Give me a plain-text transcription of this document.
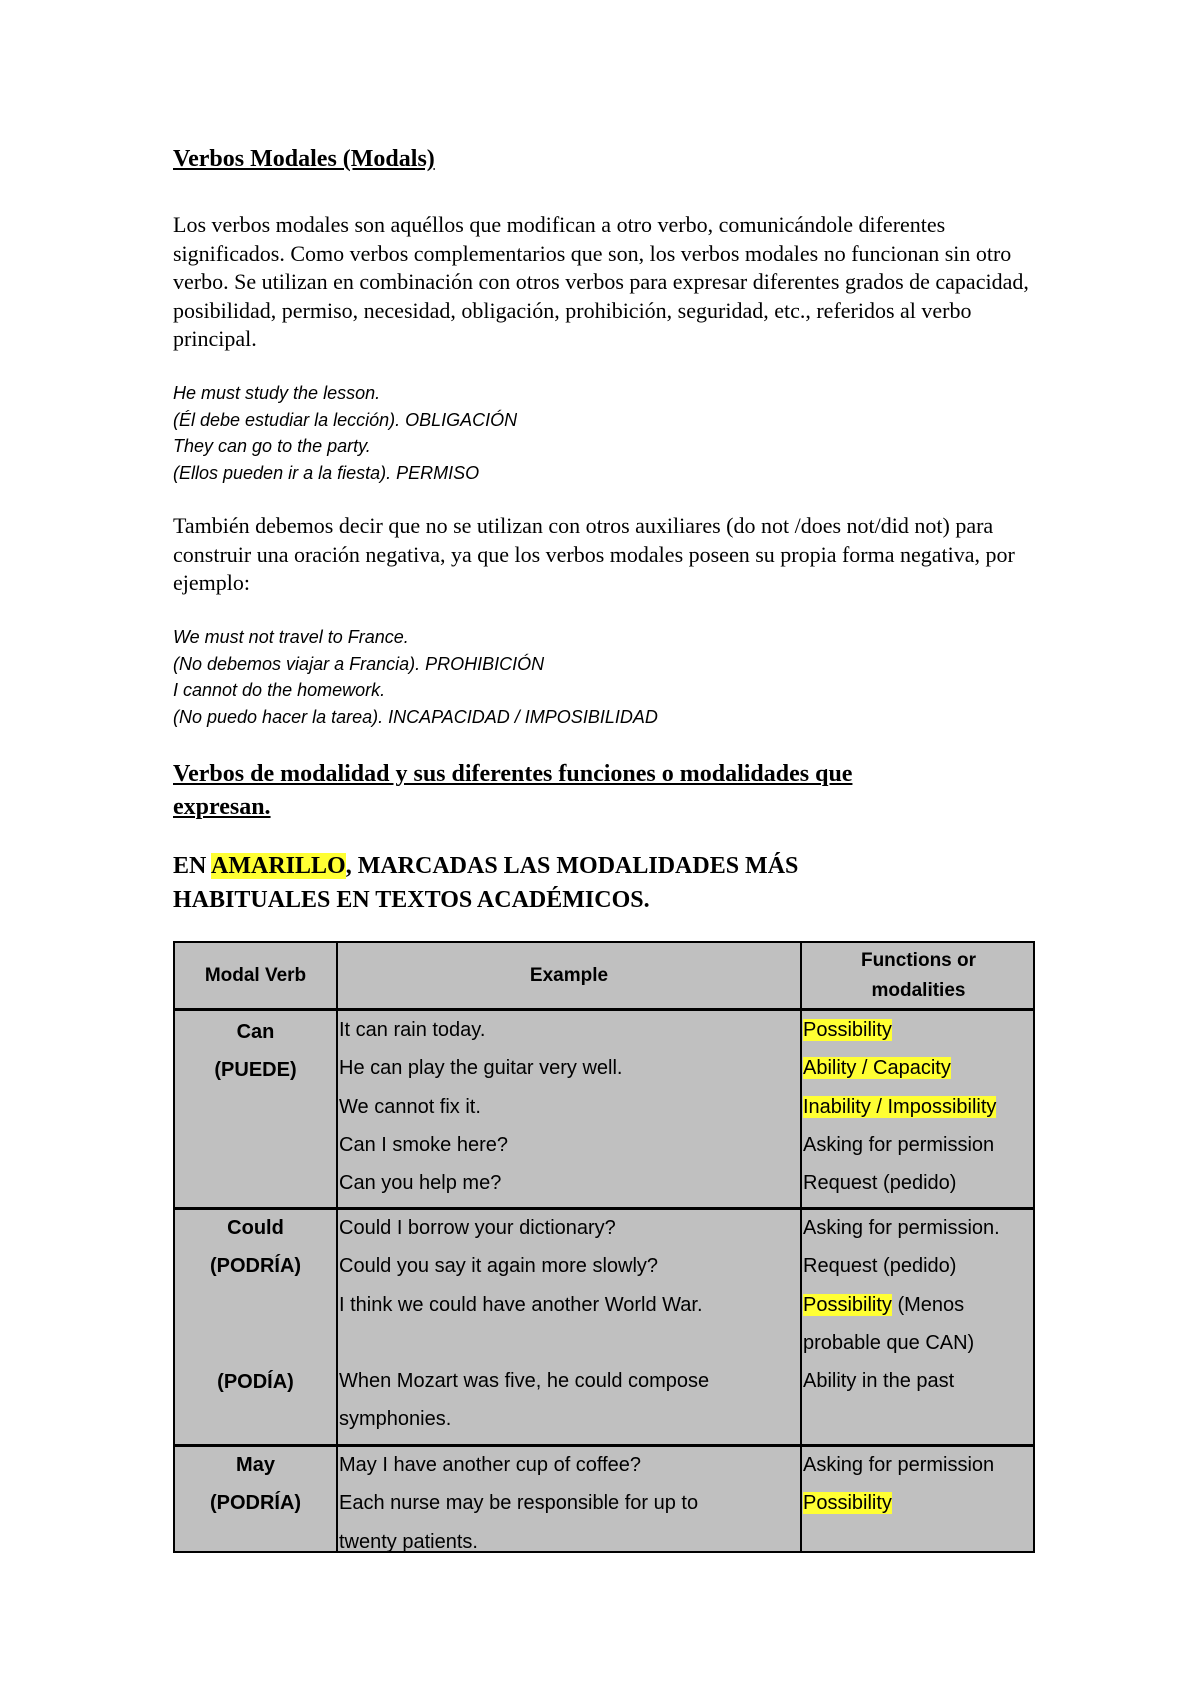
Verbos Modales (Modals)

Los verbos modales son aquéllos que modifican a otro verbo, comunicándole diferentes significados. Como verbos complementarios que son, los verbos modales no funcionan sin otro verbo. Se utilizan en combinación con otros verbos para expresar diferentes grados de capacidad, posibilidad, permiso, necesidad, obligación, prohibición, seguridad, etc., referidos al verbo principal.

He must study the lesson.
(Él debe estudiar la lección). OBLIGACIÓN
They can go to the party.
(Ellos pueden ir a la fiesta). PERMISO

También debemos decir que no se utilizan con otros auxiliares (do not /does not/did not) para construir una oración negativa, ya que los verbos modales poseen su propia forma negativa, por ejemplo:

We must not travel to France.
(No debemos viajar a Francia). PROHIBICIÓN
I cannot do the homework.
(No puedo hacer la tarea). INCAPACIDAD / IMPOSIBILIDAD
Verbos de modalidad y sus diferentes funciones o modalidades que
expresan.
EN AMARILLO, MARCADAS LAS MODALIDADES MÁS
HABITUALES EN TEXTOS ACADÉMICOS.
Modal Verb	Example
Functions or
modalities
Can
(PUEDE)
It can rain today.
He can play the guitar very well.
We cannot fix it.
Can I smoke here?
Can you help me?
Possibility
Ability / Capacity
Inability / Impossibility
Asking for permission
Request (pedido)
Could
(PODRÍA)
(PODÍA)
Could I borrow your dictionary?
Could you say it again more slowly?
I think we could have another World War.
When Mozart was five, he could compose
symphonies.
Asking for permission.
Request (pedido)
Possibility (Menos
probable que CAN)
Ability in the past
May
(PODRÍA)
May I have another cup of coffee?
Each nurse may be responsible for up to
twenty patients.
Asking for permission
Possibility
